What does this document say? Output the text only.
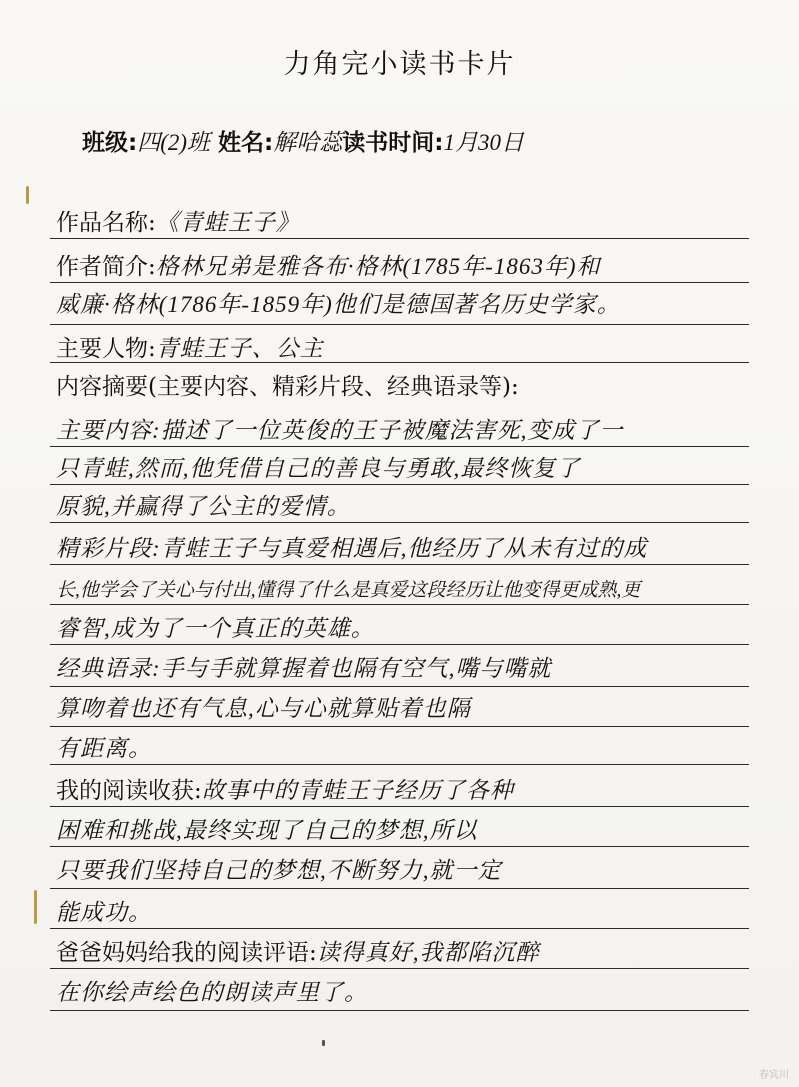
力角完小读书卡片
班级:四(2)班 姓名:解哈蕊读书时间:1月30日
作品名称:《青蛙王子》
作者简介:格林兄弟是雅各布·格林(1785年-1863年)和
威廉·格林(1786年-1859年)他们是德国著名历史学家。
主要人物:青蛙王子、公主
内容摘要(主要内容、精彩片段、经典语录等):
主要内容:描述了一位英俊的王子被魔法害死,变成了一
只青蛙,然而,他凭借自己的善良与勇敢,最终恢复了
原貌,并赢得了公主的爱情。
精彩片段:青蛙王子与真爱相遇后,他经历了从未有过的成
长,他学会了关心与付出,懂得了什么是真爱这段经历让他变得更成熟,更
睿智,成为了一个真正的英雄。
经典语录:手与手就算握着也隔有空气,嘴与嘴就
算吻着也还有气息,心与心就算贴着也隔
有距离。
我的阅读收获:故事中的青蛙王子经历了各种
困难和挑战,最终实现了自己的梦想,所以
只要我们坚持自己的梦想,不断努力,就一定
能成功。
爸爸妈妈给我的阅读评语:读得真好,我都陷沉醉
在你绘声绘色的朗读声里了。
春宾川
